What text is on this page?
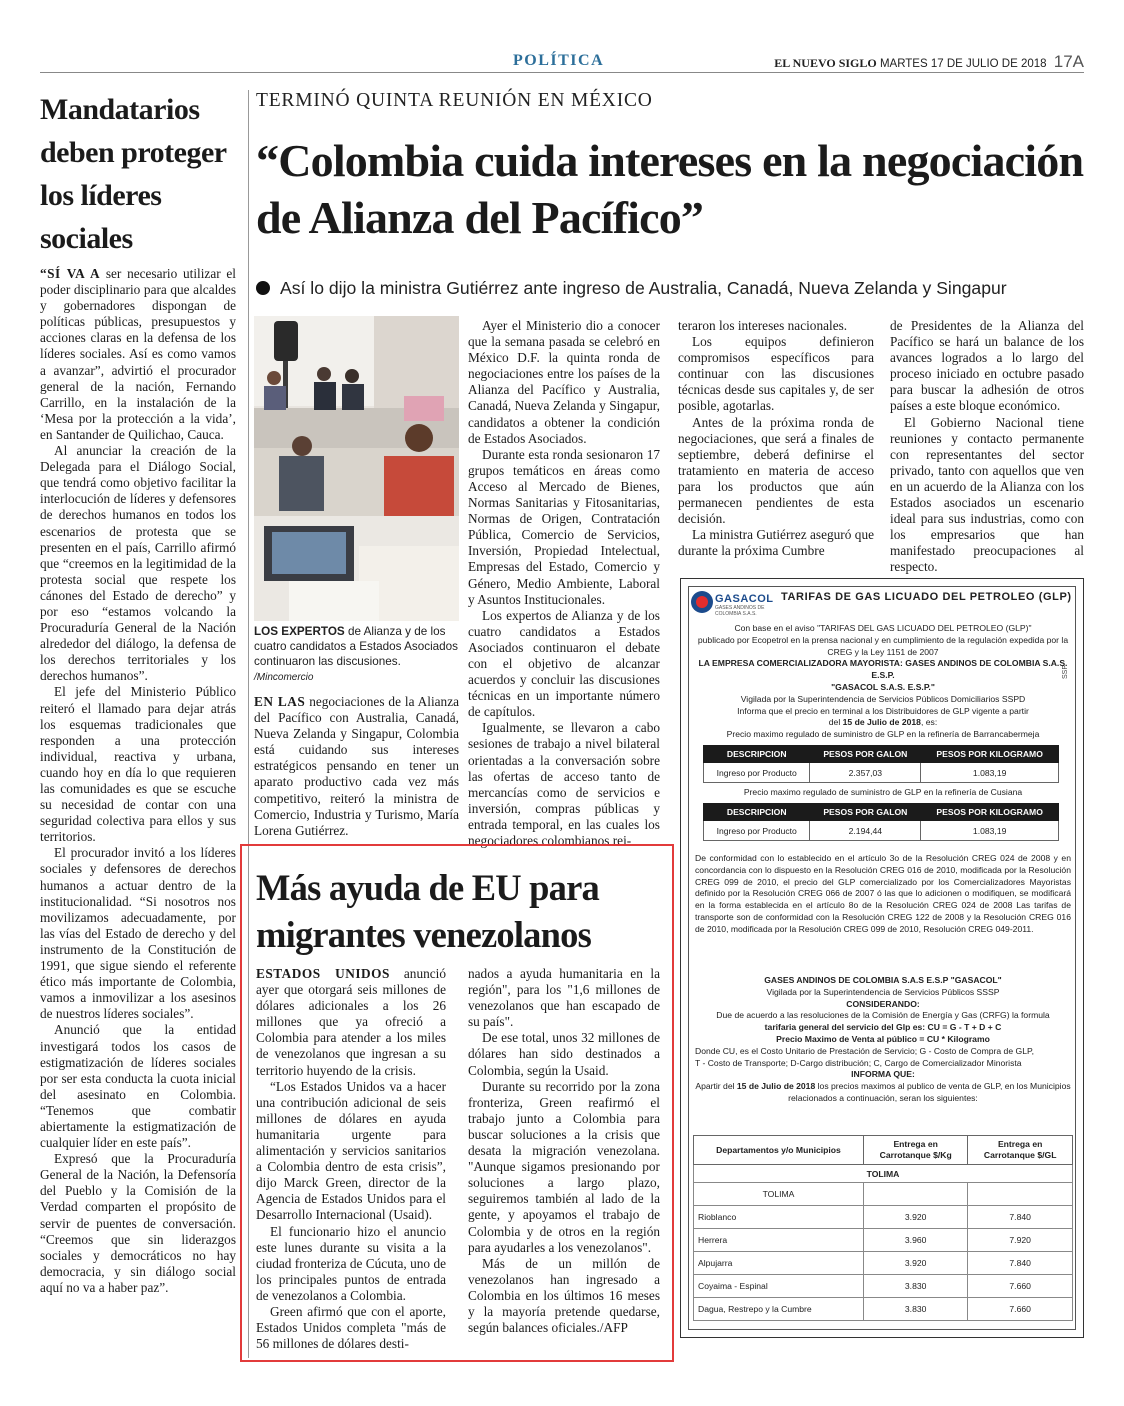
POLÍTICA	EL NUEVO SIGLO MARTES 17 DE JULIO DE 2018 17A
Mandatarios deben proteger los líderes sociales

“SÍ VA A ser necesario utilizar el poder disciplinario para que alcaldes y gobernadores dispongan de políticas públicas, presupuestos y acciones claras en la defensa de los líderes sociales. Así es como vamos a avanzar”, advirtió el procurador general de la nación, Fernando Carrillo, en la instalación de la ‘Mesa por la protección a la vida’, en Santander de Quilichao, Cauca.

Al anunciar la creación de la Delegada para el Diálogo Social, que tendrá como objetivo facilitar la interlocución de líderes y defensores de derechos humanos en todos los escenarios de protesta que se presenten en el país, Carrillo afirmó que “creemos en la legitimidad de la protesta social que respete los cánones del Estado de derecho” y por eso “estamos volcando la Procuraduría General de la Nación alrededor del diálogo, la defensa de los derechos territoriales y los derechos humanos”.

El jefe del Ministerio Público reiteró el llamado para dejar atrás los esquemas tradicionales que responden a una protección individual, reactiva y urbana, cuando hoy en día lo que requieren las comunidades es que se escuche su necesidad de contar con una seguridad colectiva para ellos y sus territorios.

El procurador invitó a los líderes sociales y defensores de derechos humanos a actuar dentro de la institucionalidad. “Si nosotros nos movilizamos adecuadamente, por las vías del Estado de derecho y del instrumento de la Constitución de 1991, que sigue siendo el referente ético más importante de Colombia, vamos a inmovilizar a los asesinos de nuestros líderes sociales”.

Anunció que la entidad investigará todos los casos de estigmatización de líderes sociales por ser esta conducta la cuota inicial del asesinato en Colombia. “Tenemos que combatir abiertamente la estigmatización de cualquier líder en este país”.

Expresó que la Procuraduría General de la Nación, la Defensoría del Pueblo y la Comisión de la Verdad comparten el propósito de servir de puentes de conversación. “Creemos que sin liderazgos sociales y democráticos no hay democracia, y sin diálogo social aquí no va a haber paz”.

TERMINÓ QUINTA REUNIÓN EN MÉXICO
“Colombia cuida intereses en la negociación de Alianza del Pacífico”
Así lo dijo la ministra Gutiérrez ante ingreso de Australia, Canadá, Nueva Zelanda y Singapur
LOS EXPERTOS de Alianza y de los cuatro candidatos a Estados Asociados continuaron las discusiones. /Mincomercio

EN LAS negociaciones de la Alianza del Pacífico con Australia, Canadá, Nueva Zelanda y Singapur, Colombia está cuidando sus intereses estratégicos pensando en tener un aparato productivo cada vez más competitivo, reiteró la ministra de Comercio, Industria y Turismo, María Lorena Gutiérrez.

Ayer el Ministerio dio a conocer que la semana pasada se celebró en México D.F. la quinta ronda de negociaciones entre los países de la Alianza del Pacífico y Australia, Canadá, Nueva Zelanda y Singapur, candidatos a obtener la condición de Estados Asociados.

Durante esta ronda sesionaron 17 grupos temáticos en áreas como Acceso al Mercado de Bienes, Normas Sanitarias y Fitosanitarias, Normas de Origen, Contratación Pública, Comercio de Servicios, Inversión, Propiedad Intelectual, Empresas del Estado, Comercio y Género, Medio Ambiente, Laboral y Asuntos Institucionales.

Los expertos de Alianza y de los cuatro candidatos a Estados Asociados continuaron el debate con el objetivo de alcanzar acuerdos y concluir las discusiones técnicas en un importante número de capítulos.

Igualmente, se llevaron a cabo sesiones de trabajo a nivel bilateral orientadas a la conversación sobre las ofertas de acceso tanto de mercancías como de servicios e inversión, compras públicas y entrada temporal, en las cuales los negociadores colombianos rei-

teraron los intereses nacionales.

Los equipos definieron compromisos específicos para continuar con las discusiones técnicas desde sus capitales y, de ser posible, agotarlas.

Antes de la próxima ronda de negociaciones, que será a finales de septiembre, deberá definirse el tratamiento en materia de acceso para los productos que aún permanecen pendientes de esta decisión.

La ministra Gutiérrez aseguró que durante la próxima Cumbre

de Presidentes de la Alianza del Pacífico se hará un balance de los avances logrados a lo largo del proceso iniciado en octubre pasado para buscar la adhesión de otros países a este bloque económico.

El Gobierno Nacional tiene reuniones y contacto permanente con representantes del sector privado, tanto con aquellos que ven en un acuerdo de la Alianza con los Estados asociados un escenario ideal para sus industrias, como con los empresarios que han manifestado preocupaciones al respecto.

Más ayuda de EU para migrantes venezolanos

ESTADOS UNIDOS anunció ayer que otorgará seis millones de dólares adicionales a los 26 millones que ya ofreció a Colombia para atender a los miles de venezolanos que ingresan a su territorio huyendo de la crisis.

“Los Estados Unidos va a hacer una contribución adicional de seis millones de dólares en ayuda humanitaria urgente para alimentación y servicios sanitarios a Colombia dentro de esta crisis”, dijo Marck Green, director de la Agencia de Estados Unidos para el Desarrollo Internacional (Usaid).

El funcionario hizo el anuncio este lunes durante su visita a la ciudad fronteriza de Cúcuta, uno de los principales puntos de entrada de venezolanos a Colombia.

Green afirmó que con el aporte, Estados Unidos completa "más de 56 millones de dólares desti-

nados a ayuda humanitaria en la región", para los "1,6 millones de venezolanos que han escapado de su país".

De ese total, unos 32 millones de dólares han sido destinados a Colombia, según la Usaid.

Durante su recorrido por la zona fronteriza, Green reafirmó el trabajo junto a Colombia para buscar soluciones a la crisis que desata la migración venezolana. "Aunque sigamos presionando por soluciones a largo plazo, seguiremos también al lado de la gente, y apoyamos el trabajo de Colombia y de otros en la región para ayudarles a los venezolanos".

Más de un millón de venezolanos han ingresado a Colombia en los últimos 16 meses y la mayoría pretende quedarse, según balances oficiales./AFP

GASACOL
GASES ANDINOS DE COLOMBIA S.A.S.
TARIFAS DE GAS LICUADO DEL PETROLEO (GLP)
SSP
Con base en el aviso "TARIFAS DEL GAS LICUADO DEL PETROLEO (GLP)"
publicado por Ecopetrol en la prensa nacional y en cumplimiento de la regulación expedida por la
CREG y la Ley 1151 de 2007
LA EMPRESA COMERCIALIZADORA MAYORISTA: GASES ANDINOS DE COLOMBIA S.A.S. E.S.P.
"GASACOL S.A.S. E.S.P."
Vigilada por la Superintendencia de Servicios Públicos Domiciliarios SSPD
Informa que el precio en terminal a los Distribuidores de GLP vigente a partir
del 15 de Julio de 2018, es:
Precio maximo regulado de suministro de GLP en la refinería de Barrancabermeja
DESCRIPCION	PESOS POR GALON	PESOS POR KILOGRAMO
Ingreso por Producto	2.357,03	1.083,19
Precio maximo regulado de suministro de GLP en la refinería de Cusiana
DESCRIPCION	PESOS POR GALON	PESOS POR KILOGRAMO
Ingreso por Producto	2.194,44	1.083,19
De conformidad con lo establecido en el artículo 3o de la Resolución CREG 024 de 2008 y en concordancia con lo dispuesto en la Resolución CREG 016 de 2010, modificada por la Resolución CREG 099 de 2010, el precio del GLP comercializado por los Comercializadores Mayoristas definido por la Resolución CREG 066 de 2007 ó las que lo adicionen o modifiquen, se modificará en la forma establecida en el artículo 8o de la Resolución CREG 024 de 2008 Las tarifas de transporte son de conformidad con la Resolución CREG 122 de 2008 y la Resolución CREG 016 de 2010, modificada por la Resolución CREG 099 de 2010, Resolución CREG 049-2011.
GASES ANDINOS DE COLOMBIA S.A.S E.S.P "GASACOL"
Vigilada por la Superintendencia de Servicios Públicos SSSP
CONSIDERANDO:
Due de acuerdo a las resoluciones de la Comisión de Energía y Gas (CRFG) la formula
tarifaria general del servicio del Glp es: CU = G - T + D + C
Precio Maximo de Venta al público = CU * Kilogramo
Donde CU, es el Costo Unitario de Prestación de Servicio; G - Costo de Compra de GLP,
T - Costo de Transporte; D-Cargo distribución; C, Cargo de Comercializador Minorista
INFORMA QUE:
Apartir del 15 de Julio de 2018 los precios maximos al publico de venta de GLP, en los Municipios relacionados a continuación, seran los siguientes:
Departamentos y/o Municipios	Entrega en Carrotanque $/Kg	Entrega en Carrotanque $/GL
TOLIMA		
TOLIMA		
Rioblanco	3.920	7.840
Herrera	3.960	7.920
Alpujarra	3.920	7.840
Coyaima - Espinal	3.830	7.660
Dagua, Restrepo y la Cumbre	3.830	7.660
